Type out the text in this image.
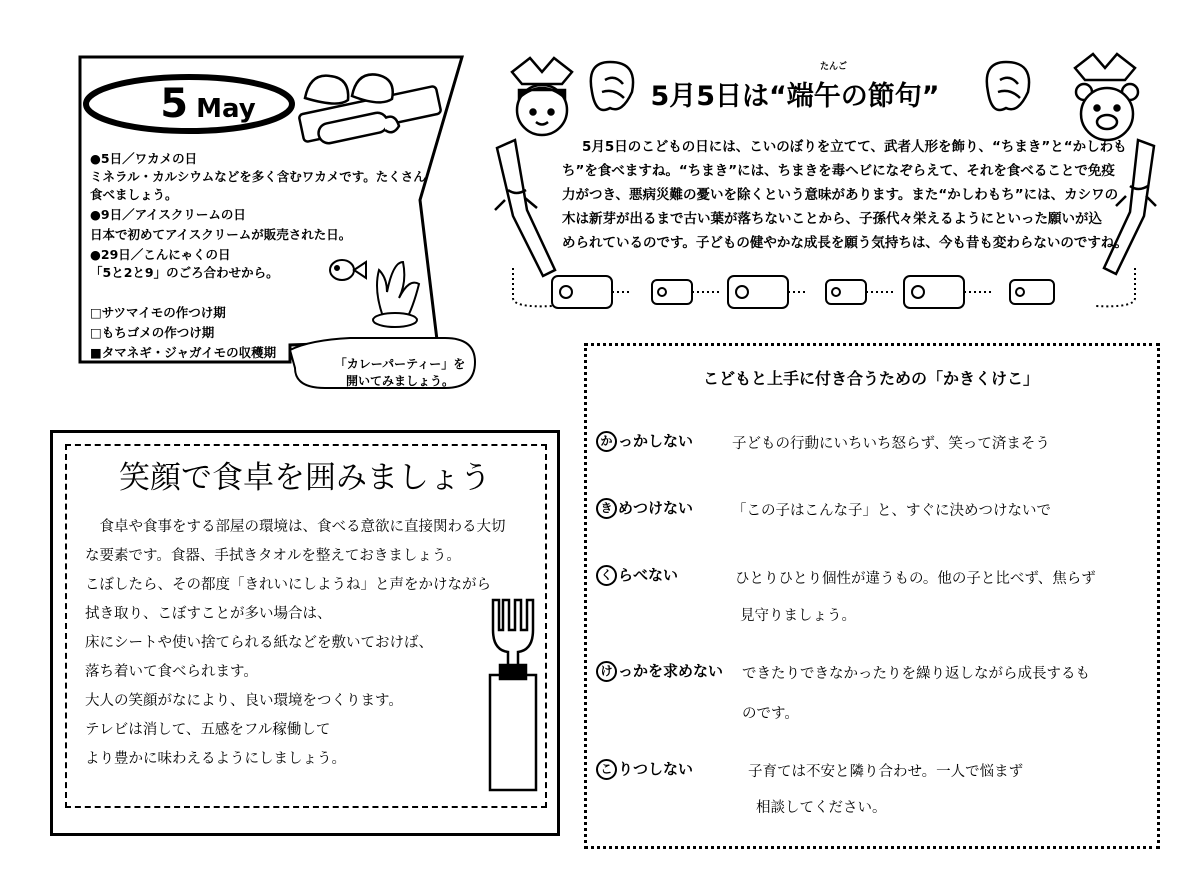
5 May
●5日／ワカメの日
ミネラル・カルシウムなどを多く含むワカメです。たくさん
食べましょう。
●9日／アイスクリームの日
日本で初めてアイスクリームが販売された日。
●29日／こんにゃくの日
「5と2と9」のごろ合わせから。
□サツマイモの作つけ期
□もちゴメの作つけ期
■タマネギ・ジャガイモの収穫期
「カレーパーティー」を
開いてみましょう。
たんご
5月5日は“端午の節句”
5月5日のこどもの日には、こいのぼりを立てて、武者人形を飾り、“ちまき”と“かしわも
ち”を食べますね。“ちまき”には、ちまきを毒ヘビになぞらえて、それを食べることで免疫
力がつき、悪病災難の憂いを除くという意味があります。また“かしわもち”には、カシワの
木は新芽が出るまで古い葉が落ちないことから、子孫代々栄えるようにといった願いが込
められているのです。子どもの健やかな成長を願う気持ちは、今も昔も変わらないのですね。
こどもと上手に付き合うための「かきくけこ」
か っかしない	子どもの行動にいちいち怒らず、笑って済まそう
き めつけない	「この子はこんな子」と、すぐに決めつけないで
く らべない	ひとりひとり個性が違うもの。他の子と比べず、焦らず
見守りましょう。
け っかを求めない できたりできなかったりを繰り返しながら成長するも
のです。
こ りつしない	子育ては不安と隣り合わせ。一人で悩まず
相談してください。
笑顔で食卓を囲みましょう
　食卓や食事をする部屋の環境は、食べる意欲に直接関わる大切
な要素です。食器、手拭きタオルを整えておきましょう。
こぼしたら、その都度「きれいにしようね」と声をかけながら
拭き取り、こぼすことが多い場合は、
床にシートや使い捨てられる紙などを敷いておけば、
落ち着いて食べられます。
大人の笑顔がなにより、良い環境をつくります。
テレビは消して、五感をフル稼働して
より豊かに味わえるようにしましょう。
